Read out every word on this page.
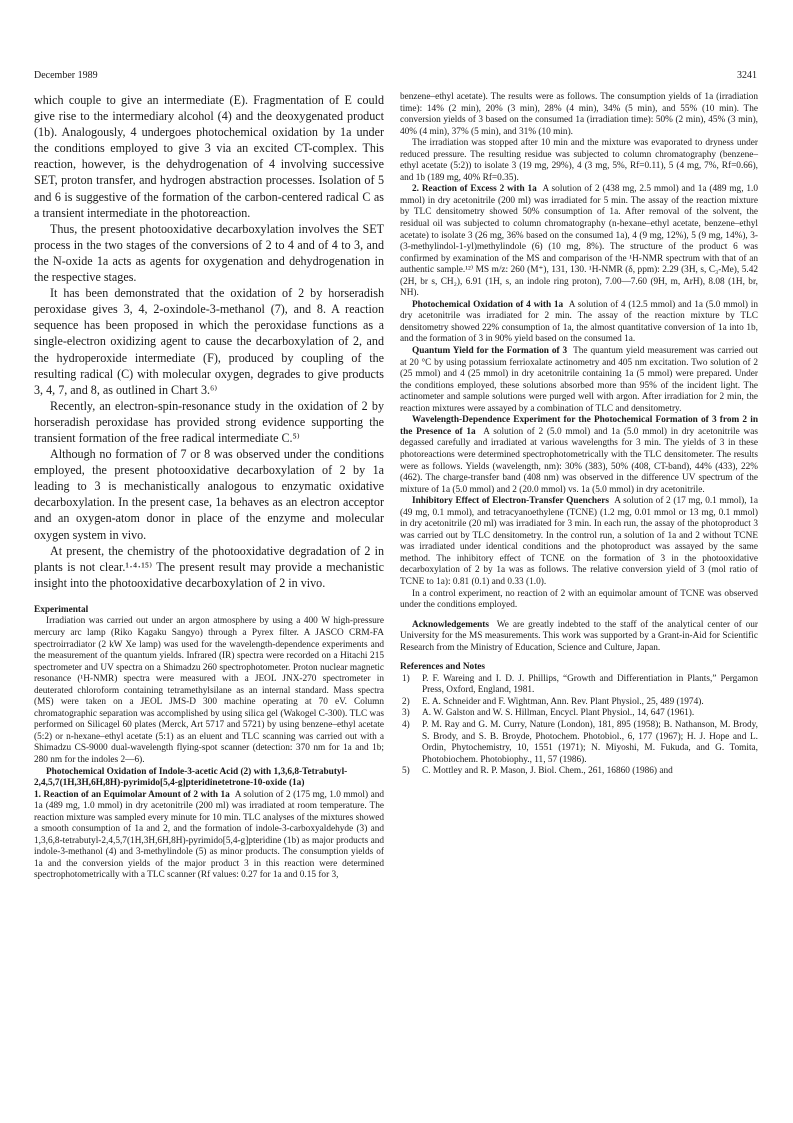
December 1989	3241

which couple to give an intermediate (E). Fragmentation of E could give rise to the intermediary alcohol (4) and the deoxygenated product (1b). Analogously, 4 undergoes photochemical oxidation by 1a under the conditions employed to give 3 via an excited CT-complex. This reaction, however, is the dehydrogenation of 4 involving successive SET, proton transfer, and hydrogen abstraction processes. Isolation of 5 and 6 is suggestive of the formation of the carbon-centered radical C as a transient intermediate in the photoreaction.

Thus, the present photooxidative decarboxylation involves the SET process in the two stages of the conversions of 2 to 4 and of 4 to 3, and the N-oxide 1a acts as agents for oxygenation and dehydrogenation in the respective stages.

It has been demonstrated that the oxidation of 2 by horseradish peroxidase gives 3, 4, 2-oxindole-3-methanol (7), and 8. A reaction sequence has been proposed in which the peroxidase functions as a single-electron oxidizing agent to cause the decarboxylation of 2, and the hydroperoxide intermediate (F), produced by coupling of the resulting radical (C) with molecular oxygen, degrades to give products 3, 4, 7, and 8, as outlined in Chart 3.⁶⁾

Recently, an electron-spin-resonance study in the oxidation of 2 by horseradish peroxidase has provided strong evidence supporting the transient formation of the free radical intermediate C.⁵⁾

Although no formation of 7 or 8 was observed under the conditions employed, the present photooxidative decarboxylation of 2 by 1a leading to 3 is mechanistically analogous to enzymatic oxidative decarboxylation. In the present case, 1a behaves as an electron acceptor and an oxygen-atom donor in place of the enzyme and molecular oxygen system in vivo.

At present, the chemistry of the photooxidative degradation of 2 in plants is not clear.¹·⁴·¹⁵⁾ The present result may provide a mechanistic insight into the photooxidative decarboxylation of 2 in vivo.

Experimental

Irradiation was carried out under an argon atmosphere by using a 400 W high-pressure mercury arc lamp (Riko Kagaku Sangyo) through a Pyrex filter. A JASCO CRM-FA spectroirradiator (2 kW Xe lamp) was used for the wavelength-dependence experiments and the measurement of the quantum yields. Infrared (IR) spectra were recorded on a Hitachi 215 spectrometer and UV spectra on a Shimadzu 260 spectrophotometer. Proton nuclear magnetic resonance (¹H-NMR) spectra were measured with a JEOL JNX-270 spectrometer in deuterated chloroform containing tetramethylsilane as an internal standard. Mass spectra (MS) were taken on a JEOL JMS-D 300 machine operating at 70 eV. Column chromatographic separation was accomplished by using silica gel (Wakogel C-300). TLC was performed on Silicagel 60 plates (Merck, Art 5717 and 5721) by using benzene–ethyl acetate (5:2) or n-hexane–ethyl acetate (5:1) as an eluent and TLC scanning was carried out with a Shimadzu CS-9000 dual-wavelength flying-spot scanner (detection: 370 nm for 1a and 1b; 280 nm for the indoles 2—6).

Photochemical Oxidation of Indole-3-acetic Acid (2) with 1,3,6,8-Tetrabutyl-2,4,5,7(1H,3H,6H,8H)-pyrimido[5,4-g]pteridinetetrone-10-oxide (1a)

1. Reaction of an Equimolar Amount of 2 with 1a A solution of 2 (175 mg, 1.0 mmol) and 1a (489 mg, 1.0 mmol) in dry acetonitrile (200 ml) was irradiated at room temperature. The reaction mixture was sampled every minute for 10 min. TLC analyses of the mixtures showed a smooth consumption of 1a and 2, and the formation of indole-3-carboxyaldehyde (3) and 1,3,6,8-tetrabutyl-2,4,5,7(1H,3H,6H,8H)-pyrimido[5,4-g]pteridine (1b) as major products and indole-3-methanol (4) and 3-methylindole (5) as minor products. The consumption yields of 1a and the conversion yields of the major product 3 in this reaction were determined spectrophotometrically with a TLC scanner (Rf values: 0.27 for 1a and 0.15 for 3,

benzene–ethyl acetate). The results were as follows. The consumption yields of 1a (irradiation time): 14% (2 min), 20% (3 min), 28% (4 min), 34% (5 min), and 55% (10 min). The conversion yields of 3 based on the consumed 1a (irradiation time): 50% (2 min), 45% (3 min), 40% (4 min), 37% (5 min), and 31% (10 min).

The irradiation was stopped after 10 min and the mixture was evaporated to dryness under reduced pressure. The resulting residue was subjected to column chromatography (benzene–ethyl acetate (5:2)) to isolate 3 (19 mg, 29%), 4 (3 mg, 5%, Rf=0.11), 5 (4 mg, 7%, Rf=0.66), and 1b (189 mg, 40% Rf=0.35).

2. Reaction of Excess 2 with 1a A solution of 2 (438 mg, 2.5 mmol) and 1a (489 mg, 1.0 mmol) in dry acetonitrile (200 ml) was irradiated for 5 min. The assay of the reaction mixture by TLC densitometry showed 50% consumption of 1a. After removal of the solvent, the residual oil was subjected to column chromatography (n-hexane–ethyl acetate, benzene–ethyl acetate) to isolate 3 (26 mg, 36% based on the consumed 1a), 4 (9 mg, 12%), 5 (9 mg, 14%), 3-(3-methylindol-1-yl)methylindole (6) (10 mg, 8%). The structure of the product 6 was confirmed by examination of the MS and comparison of the ¹H-NMR spectrum with that of an authentic sample.¹²⁾ MS m/z: 260 (M⁺), 131, 130. ¹H-NMR (δ, ppm): 2.29 (3H, s, C₃-Me), 5.42 (2H, br s, CH₂), 6.91 (1H, s, an indole ring proton), 7.00—7.60 (9H, m, ArH), 8.08 (1H, br, NH).

Photochemical Oxidation of 4 with 1a A solution of 4 (12.5 mmol) and 1a (5.0 mmol) in dry acetonitrile was irradiated for 2 min. The assay of the reaction mixture by TLC densitometry showed 22% consumption of 1a, the almost quantitative conversion of 1a into 1b, and the formation of 3 in 90% yield based on the consumed 1a.

Quantum Yield for the Formation of 3 The quantum yield measurement was carried out at 20 °C by using potassium ferrioxalate actinometry and 405 nm excitation. Two solution of 2 (25 mmol) and 4 (25 mmol) in dry acetonitrile containing 1a (5 mmol) were prepared. Under the conditions employed, these solutions absorbed more than 95% of the incident light. The actinometer and sample solutions were purged well with argon. After irradiation for 2 min, the reaction mixtures were assayed by a combination of TLC and densitometry.

Wavelength-Dependence Experiment for the Photochemical Formation of 3 from 2 in the Presence of 1a A solution of 2 (5.0 mmol) and 1a (5.0 mmol) in dry acetonitrile was degassed carefully and irradiated at various wavelengths for 3 min. The yields of 3 in these photoreactions were determined spectrophotometrically with the TLC densitometer. The results were as follows. Yields (wavelength, nm): 30% (383), 50% (408, CT-band), 44% (433), 22% (462). The charge-transfer band (408 nm) was observed in the difference UV spectrum of the mixture of 1a (5.0 mmol) and 2 (20.0 mmol) vs. 1a (5.0 mmol) in dry acetonitrile.

Inhibitory Effect of Electron-Transfer Quenchers A solution of 2 (17 mg, 0.1 mmol), 1a (49 mg, 0.1 mmol), and tetracyanoethylene (TCNE) (1.2 mg, 0.01 mmol or 13 mg, 0.1 mmol) in dry acetonitrile (20 ml) was irradiated for 3 min. In each run, the assay of the photoproduct 3 was carried out by TLC densitometry. In the control run, a solution of 1a and 2 without TCNE was irradiated under identical conditions and the photoproduct was assayed by the same method. The inhibitory effect of TCNE on the formation of 3 in the photooxidative decarboxylation of 2 by 1a was as follows. The relative conversion yield of 3 (mol ratio of TCNE to 1a): 0.81 (0.1) and 0.33 (1.0).

In a control experiment, no reaction of 2 with an equimolar amount of TCNE was observed under the conditions employed.

Acknowledgements We are greatly indebted to the staff of the analytical center of our University for the MS measurements. This work was supported by a Grant-in-Aid for Scientific Research from the Ministry of Education, Science and Culture, Japan.

References and Notes
1) P. F. Wareing and I. D. J. Phillips, “Growth and Differentiation in Plants,” Pergamon Press, Oxford, England, 1981.
2) E. A. Schneider and F. Wightman, Ann. Rev. Plant Physiol., 25, 489 (1974).
3) A. W. Galston and W. S. Hillman, Encycl. Plant Physiol., 14, 647 (1961).
4) P. M. Ray and G. M. Curry, Nature (London), 181, 895 (1958); B. Nathanson, M. Brody, S. Brody, and S. B. Broyde, Photochem. Photobiol., 6, 177 (1967); H. J. Hope and L. Ordin, Phytochemistry, 10, 1551 (1971); N. Miyoshi, M. Fukuda, and G. Tomita, Photobiochem. Photobiophy., 11, 57 (1986).
5) C. Mottley and R. P. Mason, J. Biol. Chem., 261, 16860 (1986) and
